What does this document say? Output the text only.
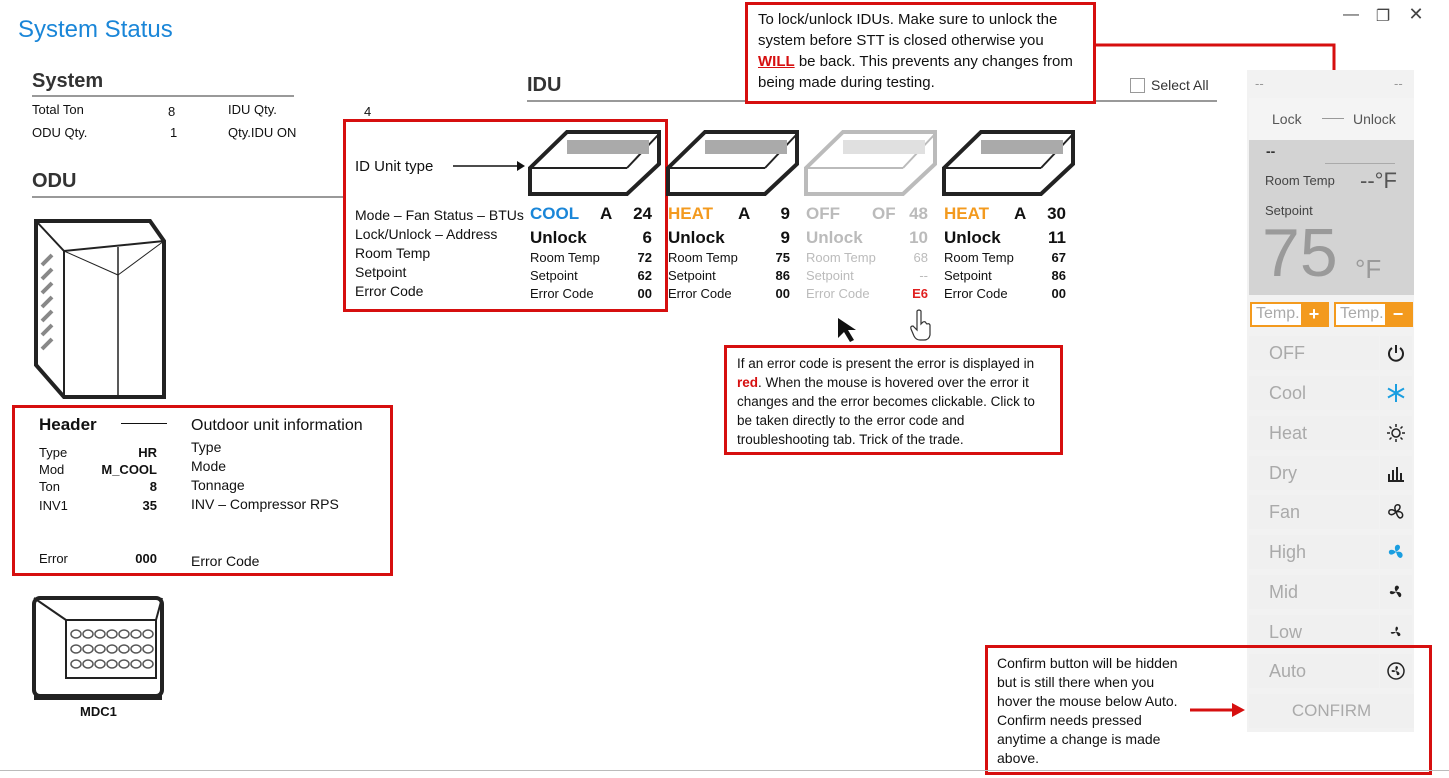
System Status
— ❐ ✕
System
Total Ton	8	IDU Qty.	4
ODU Qty.	1	Qty.IDU ON
ODU
Header
Type	HR
Mod	M_COOL
Ton	8
INV1	35
Error	000
Outdoor unit information
Type
Mode
Tonnage
INV – Compressor RPS
Error Code
MDC1
IDU	Select All
ID Unit type
Mode – Fan Status – BTUs
Lock/Unlock – Address
Room Temp
Setpoint
Error Code
COOL A 24
Unlock	6
Room Temp	72
Setpoint	62
Error Code	00
HEAT A 9
Unlock	9
Room Temp	75
Setpoint	86
Error Code	00
OFF OF 48
Unlock	10
Room Temp	68
Setpoint	--
Error Code	E6
HEAT A 30
Unlock	11
Room Temp	67
Setpoint	86
Error Code	00
If an error code is present the error is displayed in red. When the mouse is hovered over the error it changes and the error becomes clickable. Click to be taken directly to the error code and troubleshooting tab. Trick of the trade.
To lock/unlock IDUs. Make sure to unlock the system before STT is closed otherwise you WILL be back. This prevents any changes from being made during testing.	--	--
Lock	Unlock
--
Room Temp --°F
Setpoint
75 °F
Temp. +	Temp. −
OFF
Cool
Heat
Dry
Fan
High
Mid
Low
Auto
CONFIRM
Confirm button will be hidden but is still there when you hover the mouse below Auto. Confirm needs pressed anytime a change is made above.
